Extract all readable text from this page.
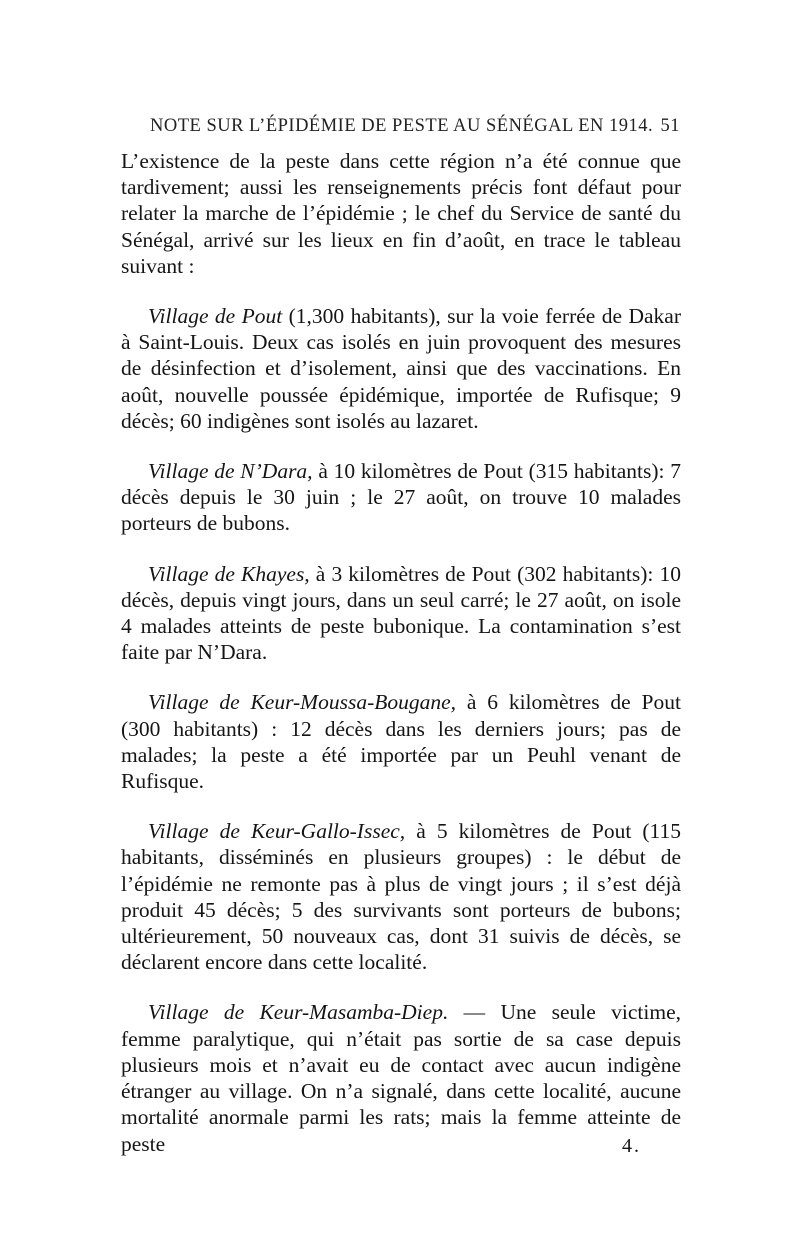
NOTE SUR L’ÉPIDÉMIE DE PESTE AU SÉNÉGAL EN 1914. 51

L’existence de la peste dans cette région n’a été connue que tardivement; aussi les renseignements précis font défaut pour relater la marche de l’épidémie ; le chef du Service de santé du Sénégal, arrivé sur les lieux en fin d’août, en trace le tableau suivant :

Village de Pout (1,300 habitants), sur la voie ferrée de Dakar à Saint-Louis. Deux cas isolés en juin provoquent des mesures de désinfection et d’isolement, ainsi que des vaccinations. En août, nouvelle poussée épidémique, importée de Rufisque; 9 décès; 60 indigènes sont isolés au lazaret.

Village de N’Dara, à 10 kilomètres de Pout (315 habitants): 7 décès depuis le 30 juin ; le 27 août, on trouve 10 malades porteurs de bubons.

Village de Khayes, à 3 kilomètres de Pout (302 habitants): 10 décès, depuis vingt jours, dans un seul carré; le 27 août, on isole 4 malades atteints de peste bubonique. La contamination s’est faite par N’Dara.

Village de Keur-Moussa-Bougane, à 6 kilomètres de Pout (300 habitants) : 12 décès dans les derniers jours; pas de malades; la peste a été importée par un Peuhl venant de Rufisque.

Village de Keur-Gallo-Issec, à 5 kilomètres de Pout (115 habitants, disséminés en plusieurs groupes) : le début de l’épidémie ne remonte pas à plus de vingt jours ; il s’est déjà produit 45 décès; 5 des survivants sont porteurs de bubons; ultérieurement, 50 nouveaux cas, dont 31 suivis de décès, se déclarent encore dans cette localité.

Village de Keur-Masamba-Diep. — Une seule victime, femme paralytique, qui n’était pas sortie de sa case depuis plusieurs mois et n’avait eu de contact avec aucun indigène étranger au village. On n’a signalé, dans cette localité, aucune mortalité anormale parmi les rats; mais la femme atteinte de peste	4.
